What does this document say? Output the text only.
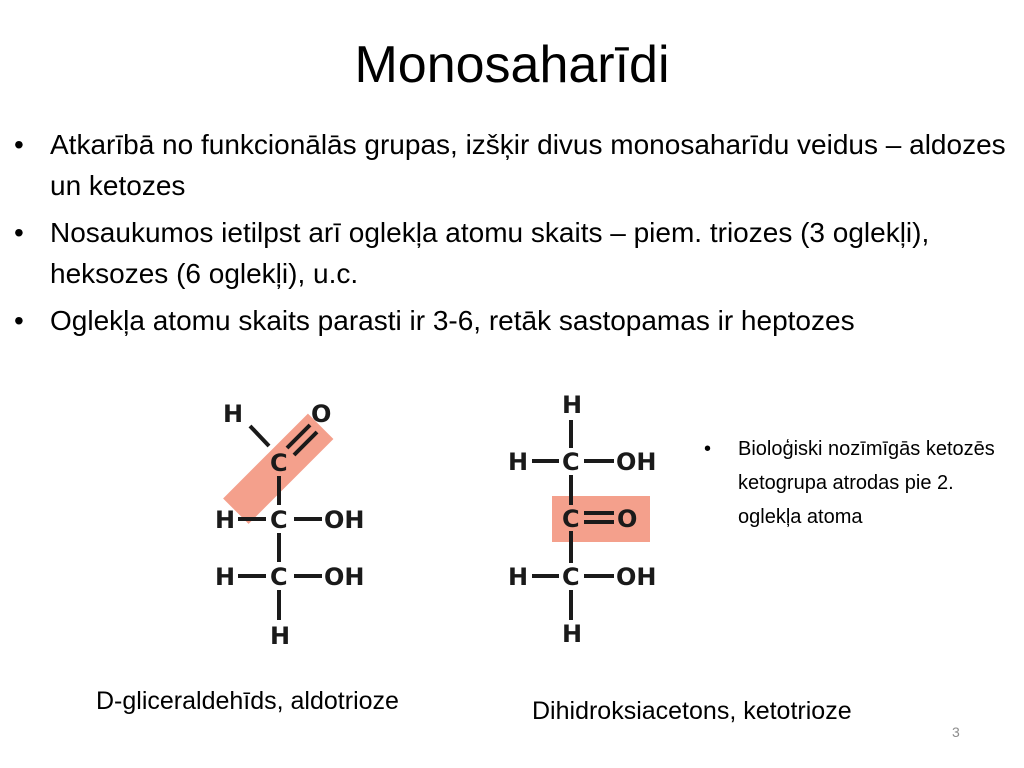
Monosaharīdi
• Atkarībā no funkcionālās grupas, izšķir divus monosaharīdu veidus – aldozes un ketozes
• Nosaukumos ietilpst arī oglekļa atomu skaits – piem. triozes (3 oglekļi), heksozes (6 oglekļi), u.c.
• Oglekļa atomu skaits parasti ir 3-6, retāk sastopamas ir heptozes
H	O
C
H C OH
H C OH
H
H
H C OH
C O
H C OH
H
• Bioloģiski nozīmīgās ketozēs ketogrupa atrodas pie 2. oglekļa atoma
D-gliceraldehīds, aldotrioze	Dihidroksiacetons, ketotrioze
3
